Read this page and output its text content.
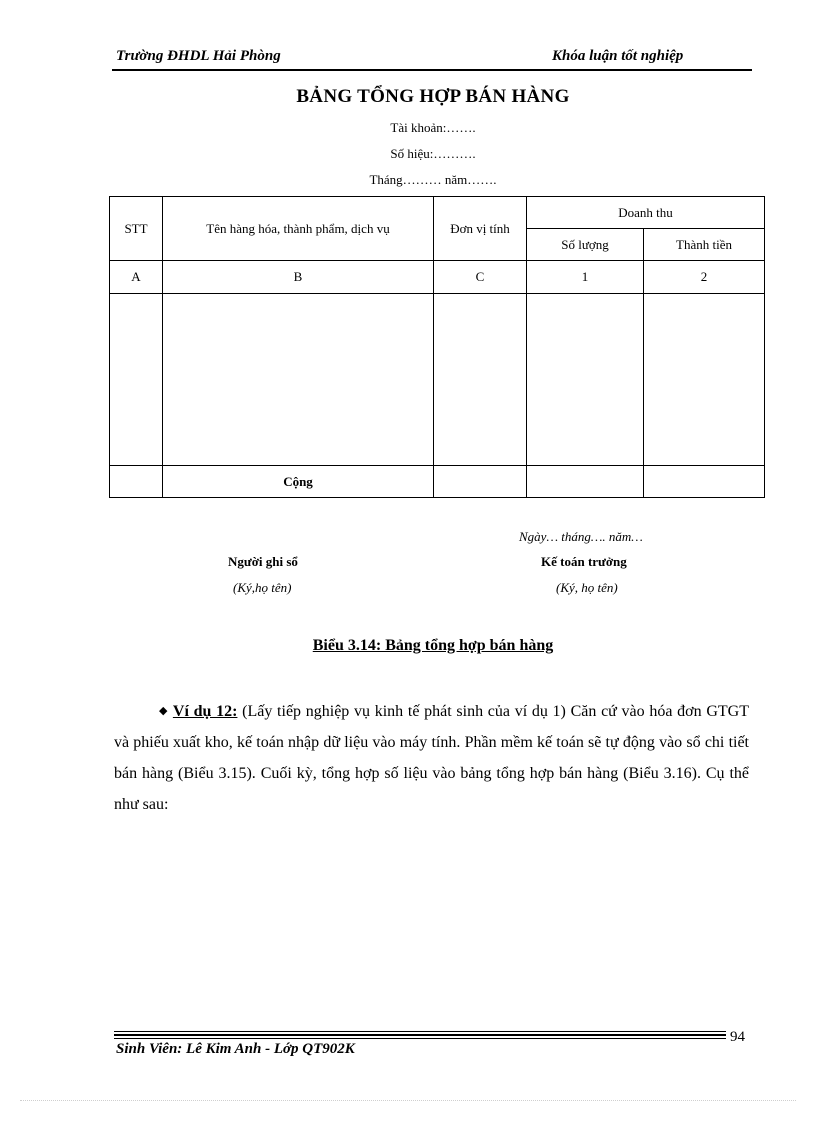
Trường ĐHDL Hải Phòng	Khóa luận tốt nghiệp
BẢNG TỔNG HỢP BÁN HÀNG
Tài khoản:…….
Số hiệu:……….
Tháng……… năm…….
STT	Tên hàng hóa, thành phẩm, dịch vụ	Đơn vị tính	Doanh thu	
			Số lượng	Thành tiền
A	B	C	1	2

	Cộng			
Ngày… tháng…. năm…
Người ghi sổ	Kế toán trưởng
(Ký,họ tên)	(Ký, họ tên)
Biểu 3.14: Bảng tổng hợp bán hàng
◆ Ví dụ 12: (Lấy tiếp nghiệp vụ kinh tế phát sinh của ví dụ 1) Căn cứ vào hóa đơn GTGT và phiếu xuất kho, kế toán nhập dữ liệu vào máy tính. Phần mềm kế toán sẽ tự động vào sổ chi tiết bán hàng (Biểu 3.15). Cuối kỳ, tổng hợp số liệu vào bảng tổng hợp bán hàng (Biểu 3.16). Cụ thể như sau:
94
Sinh Viên: Lê Kim Anh - Lớp QT902K
